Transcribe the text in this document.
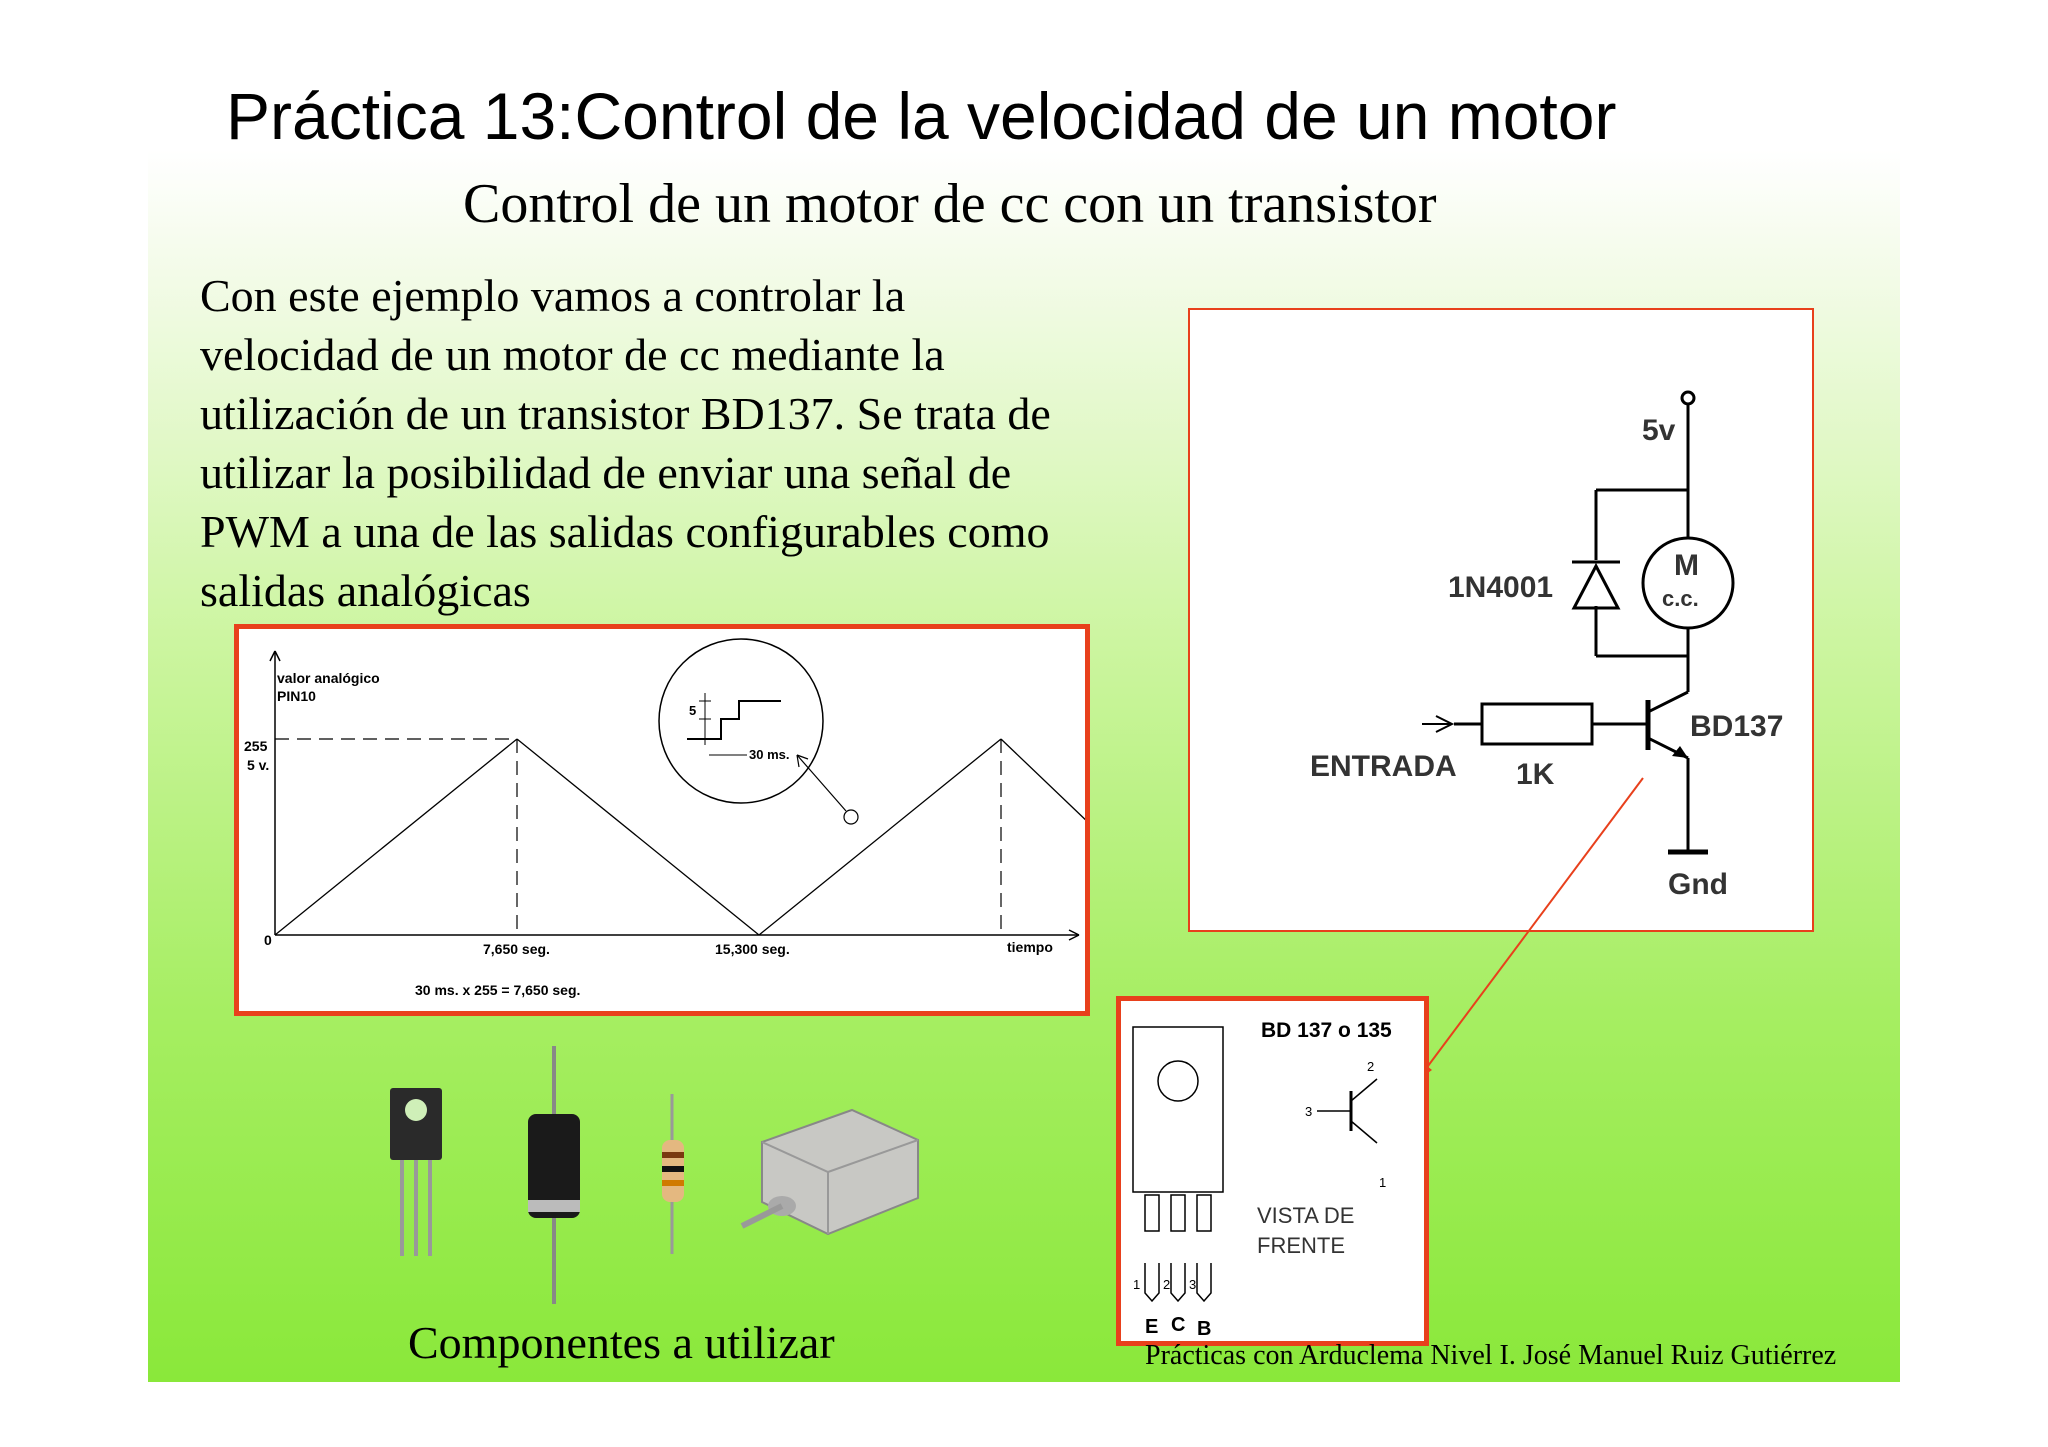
Práctica 13:Control de la velocidad de un motor
Control de un motor de cc con un transistor
Con este ejemplo vamos a controlar la
velocidad de un motor de cc mediante la
utilización de un transistor BD137. Se trata de
utilizar la posibilidad de enviar una señal de
PWM a una de las salidas configurables como
salidas analógicas
valor analógico
PIN10
255
5 v.
0
7,650 seg.	15,300 seg.	tiempo
30 ms. x 255 = 7,650 seg.
5
30 ms.
5v
1N4001
M
c.c.
BD137
ENTRADA 1K
Gnd
BD 137 o 135
2
3
1
VISTA DE
FRENTE
1 2 3
E C B
Componentes a utilizar	Prácticas con Arduclema Nivel I. José Manuel Ruiz Gutiérrez
